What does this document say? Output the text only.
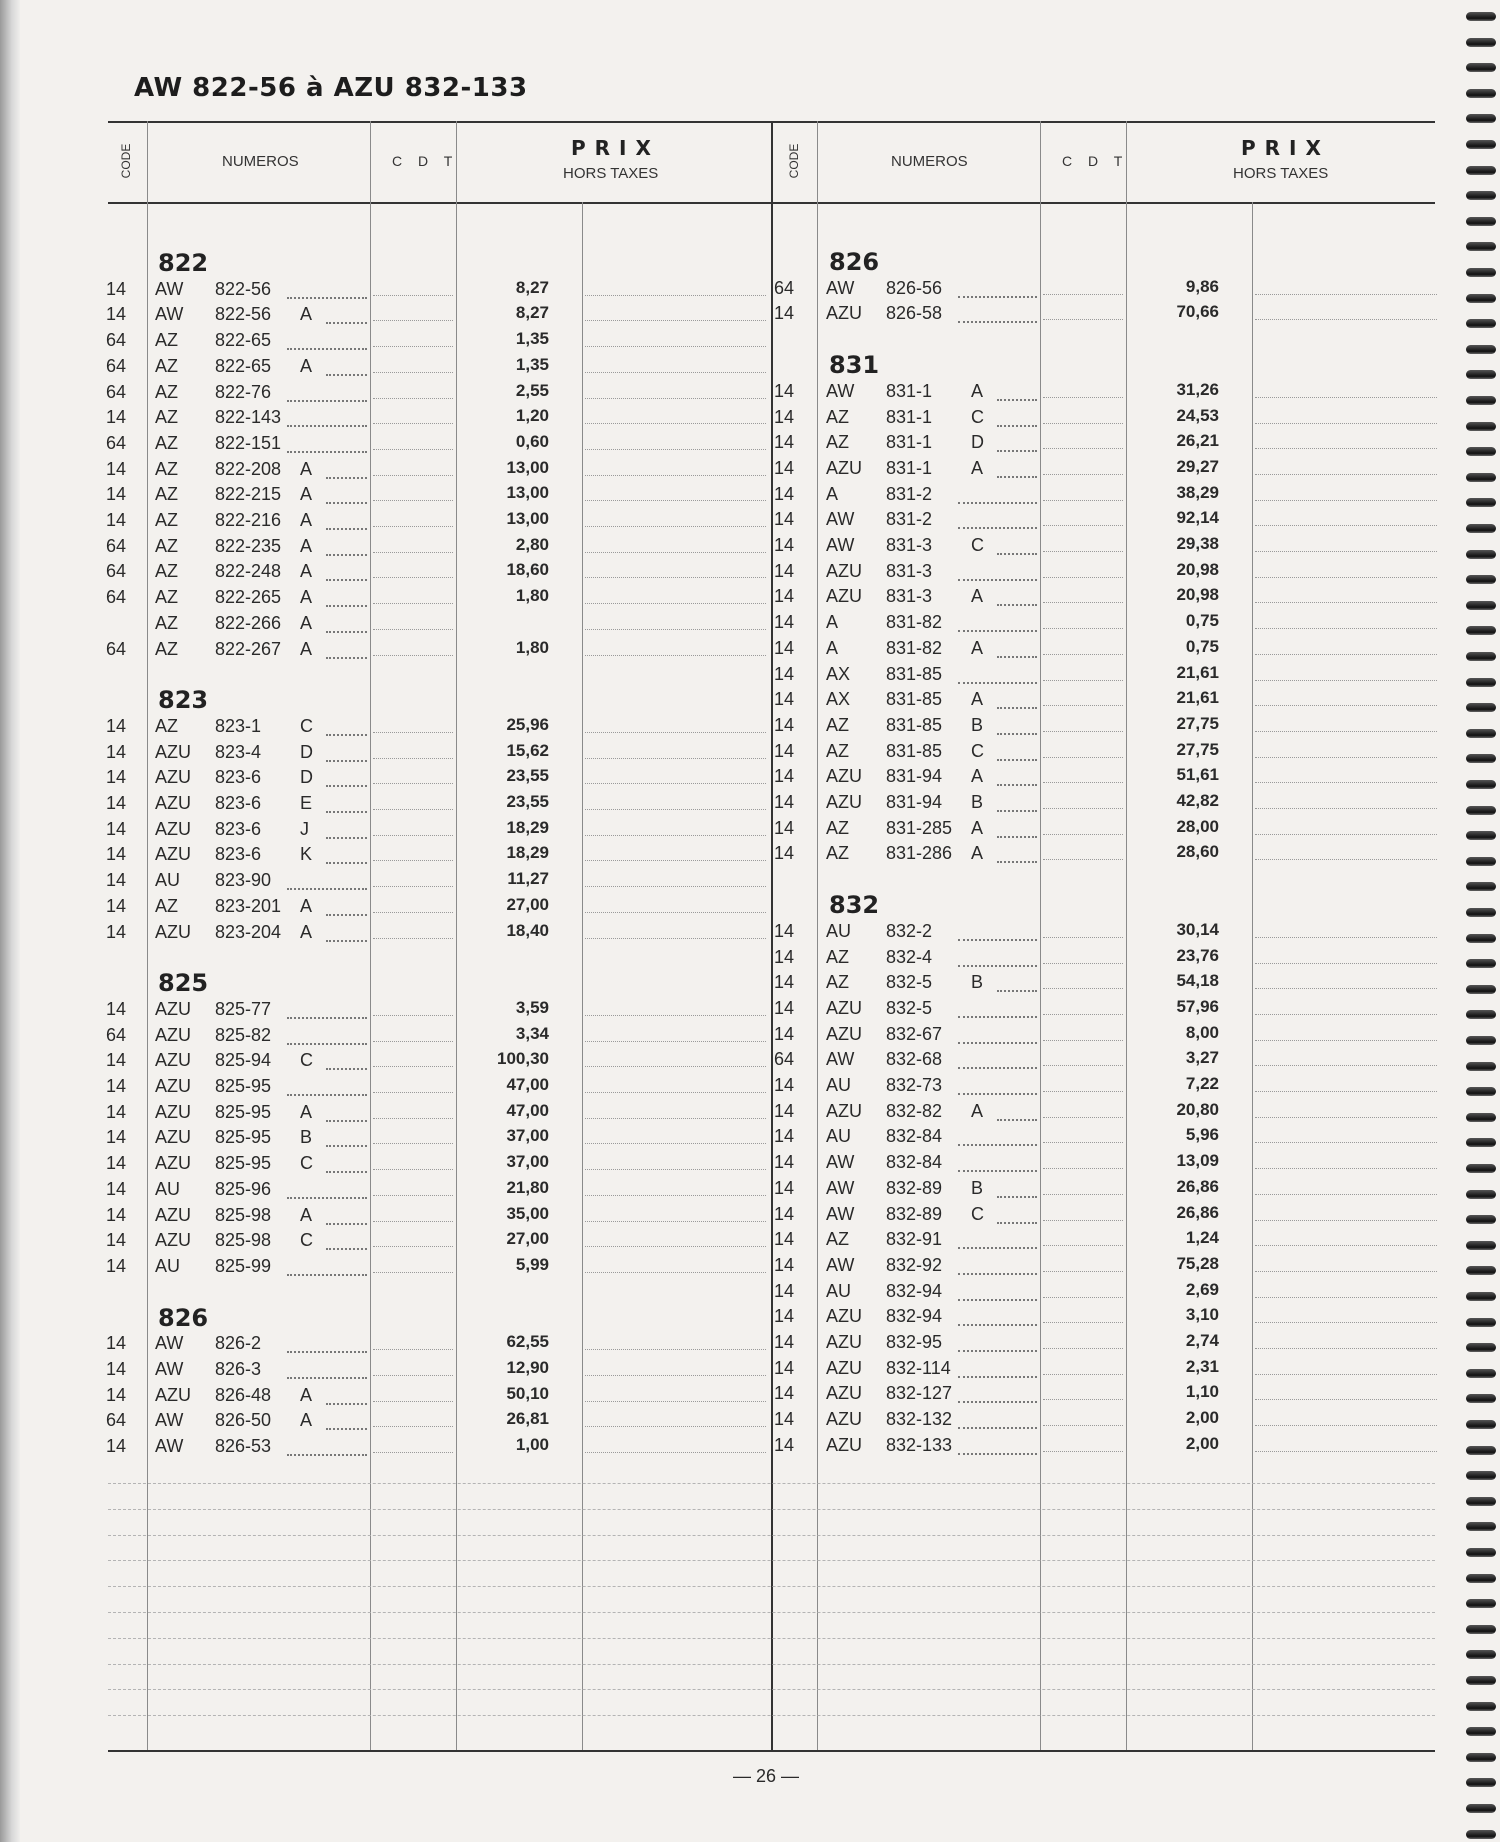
AW 822-56 à AZU 832-133
CODE	NUMEROS	C D T
PRIX
HORS TAXES	CODE	NUMEROS	C D T
PRIX
HORS TAXES
822
14 AW 822-56	8,27
14 AW 822-56 A	8,27
64 AZ 822-65	1,35
64 AZ 822-65 A	1,35
64 AZ 822-76	2,55
14 AZ 822-143	1,20
64 AZ 822-151	0,60
14 AZ 822-208 A	13,00
14 AZ 822-215 A	13,00
14 AZ 822-216 A	13,00
64 AZ 822-235 A	2,80
64 AZ 822-248 A	18,60
64 AZ 822-265 A	1,80
AZ 822-266 A
64 AZ 822-267 A	1,80
823
14 AZ 823-1 C	25,96
14 AZU 823-4 D	15,62
14 AZU 823-6 D	23,55
14 AZU 823-6 E	23,55
14 AZU 823-6 J	18,29
14 AZU 823-6 K	18,29
14 AU 823-90	11,27
14 AZ 823-201 A	27,00
14 AZU 823-204 A	18,40
825
14 AZU 825-77	3,59
64 AZU 825-82	3,34
14 AZU 825-94 C	100,30
14 AZU 825-95	47,00
14 AZU 825-95 A	47,00
14 AZU 825-95 B	37,00
14 AZU 825-95 C	37,00
14 AU 825-96	21,80
14 AZU 825-98 A	35,00
14 AZU 825-98 C	27,00
14 AU 825-99	5,99
826
14 AW 826-2	62,55
14 AW 826-3	12,90
14 AZU 826-48 A	50,10
64 AW 826-50 A	26,81
14 AW 826-53	1,00
826
64 AW 826-56	9,86
14 AZU 826-58	70,66
831
14 AW 831-1 A	31,26
14 AZ 831-1 C	24,53
14 AZ 831-1 D	26,21
14 AZU 831-1 A	29,27
14 A	831-2	38,29
14 AW 831-2	92,14
14 AW 831-3 C	29,38
14 AZU 831-3	20,98
14 AZU 831-3 A	20,98
14 A	831-82	0,75
14 A	831-82 A	0,75
14 AX 831-85	21,61
14 AX 831-85 A	21,61
14 AZ 831-85 B	27,75
14 AZ 831-85 C	27,75
14 AZU 831-94 A	51,61
14 AZU 831-94 B	42,82
14 AZ 831-285 A	28,00
14 AZ 831-286 A	28,60
832
14 AU 832-2	30,14
14 AZ 832-4	23,76
14 AZ 832-5 B	54,18
14 AZU 832-5	57,96
14 AZU 832-67	8,00
64 AW 832-68	3,27
14 AU 832-73	7,22
14 AZU 832-82 A	20,80
14 AU 832-84	5,96
14 AW 832-84	13,09
14 AW 832-89 B	26,86
14 AW 832-89 C	26,86
14 AZ 832-91	1,24
14 AW 832-92	75,28
14 AU 832-94	2,69
14 AZU 832-94	3,10
14 AZU 832-95	2,74
14 AZU 832-114	2,31
14 AZU 832-127	1,10
14 AZU 832-132	2,00
14 AZU 832-133	2,00
— 26 —
